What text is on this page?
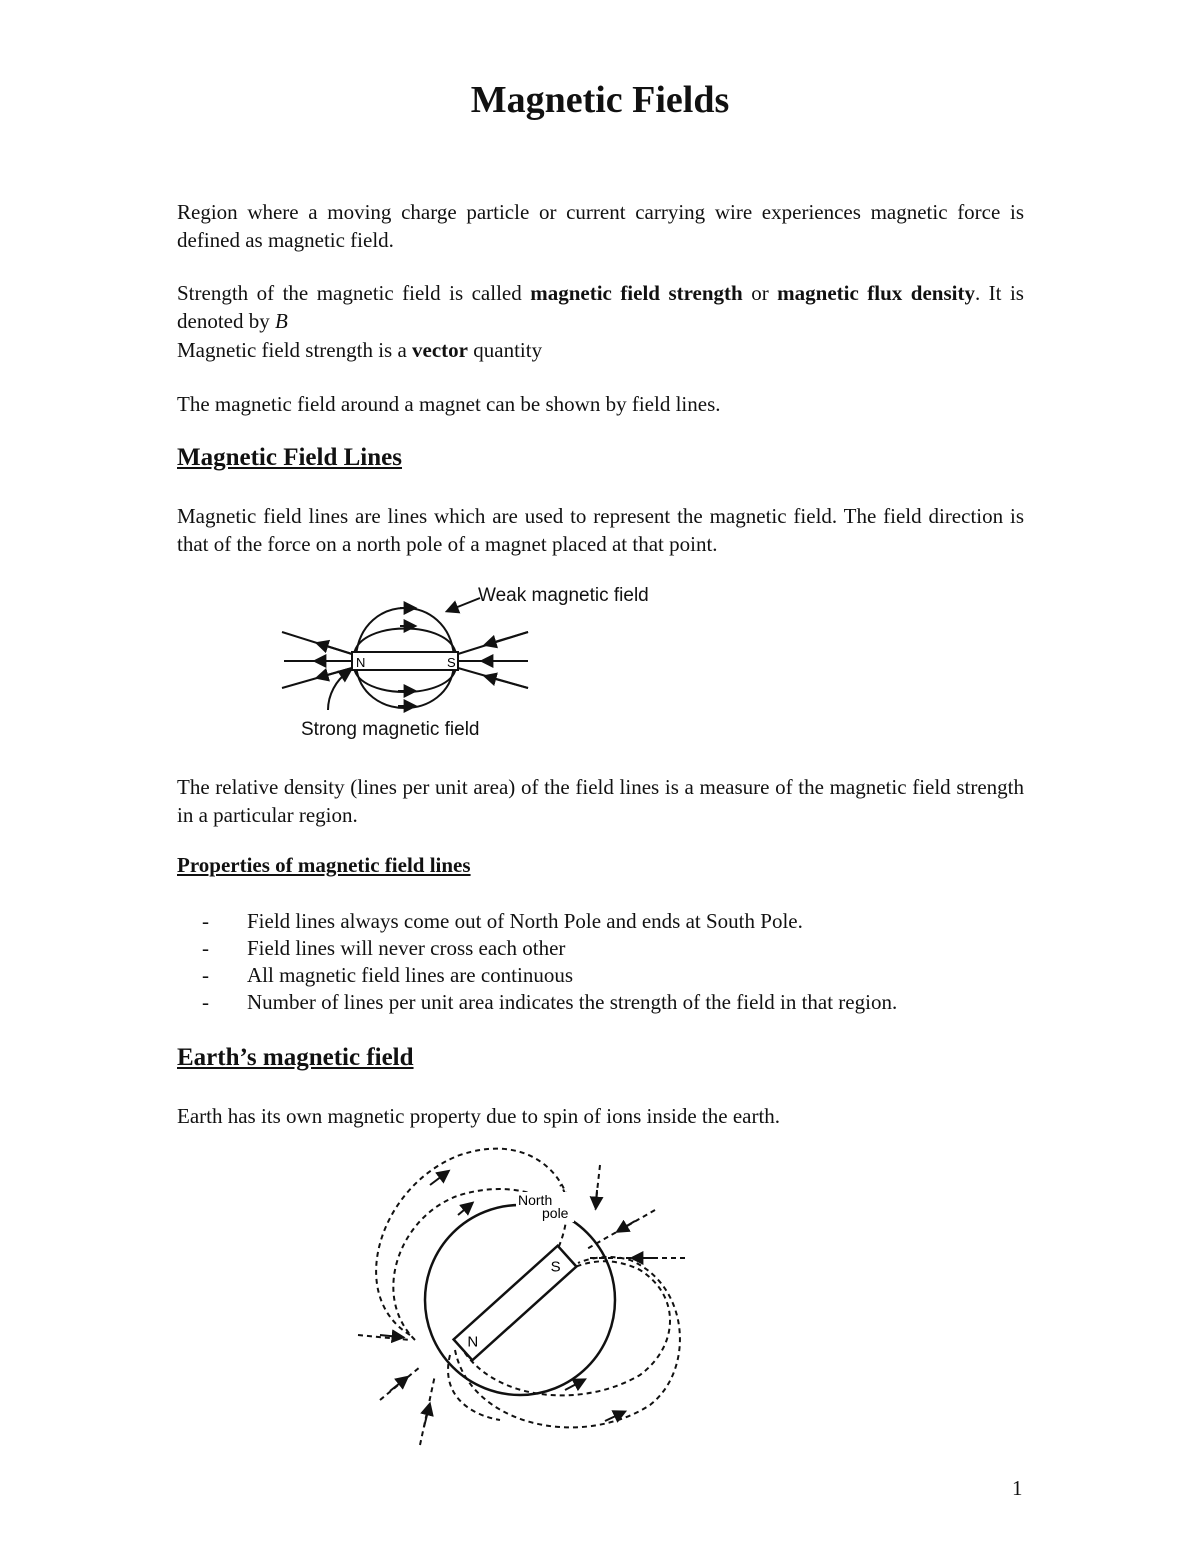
Magnetic Fields

Region where a moving charge particle or current carrying wire experiences magnetic force is defined as magnetic field.

Strength of the magnetic field is called magnetic field strength or magnetic flux density. It is denoted by B

Magnetic field strength is a vector quantity

The magnetic field around a magnet can be shown by field lines.

Magnetic Field Lines

Magnetic field lines are lines which are used to represent the magnetic field. The field direction is that of the force on a north pole of a magnet placed at that point.

N	S
Weak magnetic field
Strong magnetic field

The relative density (lines per unit area) of the field lines is a measure of the magnetic field strength in a particular region.

Properties of magnetic field lines
- Field lines always come out of North Pole and ends at South Pole.
- Field lines will never cross each other
- All magnetic field lines are continuous
- Number of lines per unit area indicates the strength of the field in that region.
Earth’s magnetic field

Earth has its own magnetic property due to spin of ions inside the earth.

N
S
North
pole
1
